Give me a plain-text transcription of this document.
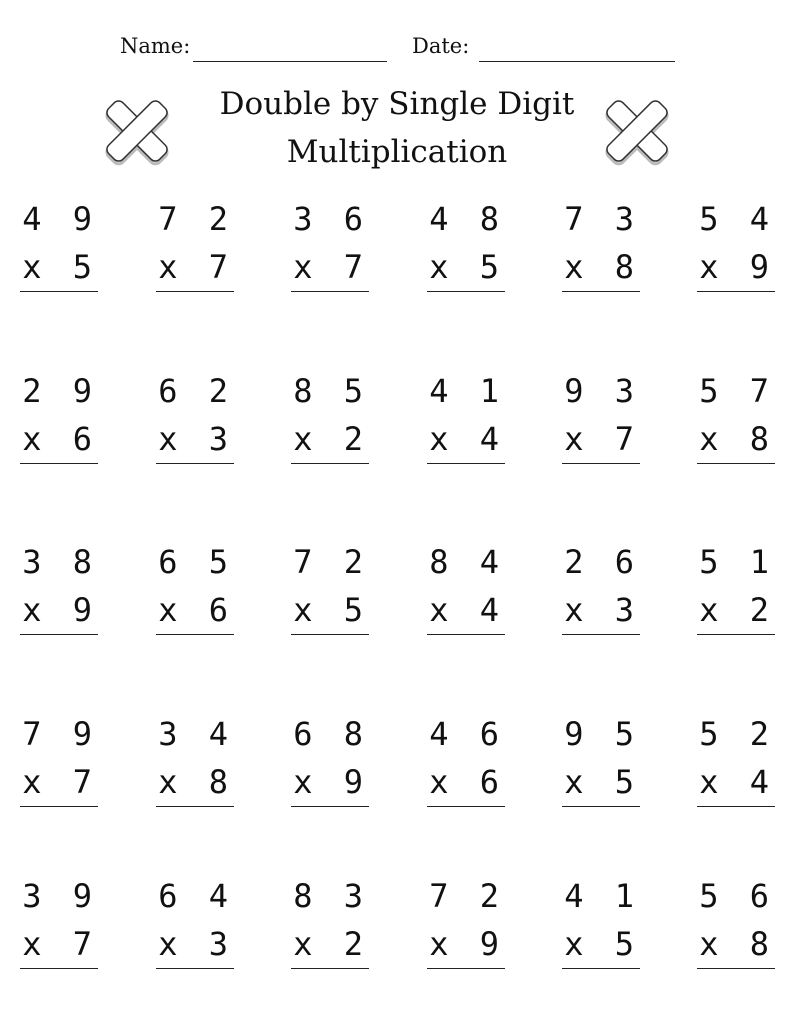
Name:	Date:
Double by Single Digit
Multiplication
4 9
x 5
7 2
x 7
3 6
x 7
4 8
x 5
7 3
x 8
5 4
x 9
2 9
x 6
6 2
x 3
8 5
x 2
4 1
x 4
9 3
x 7
5 7
x 8
3 8
x 9
6 5
x 6
7 2
x 5
8 4
x 4
2 6
x 3
5 1
x 2
7 9
x 7
3 4
x 8
6 8
x 9
4 6
x 6
9 5
x 5
5 2
x 4
3 9
x 7
6 4
x 3
8 3
x 2
7 2
x 9
4 1
x 5
5 6
x 8
